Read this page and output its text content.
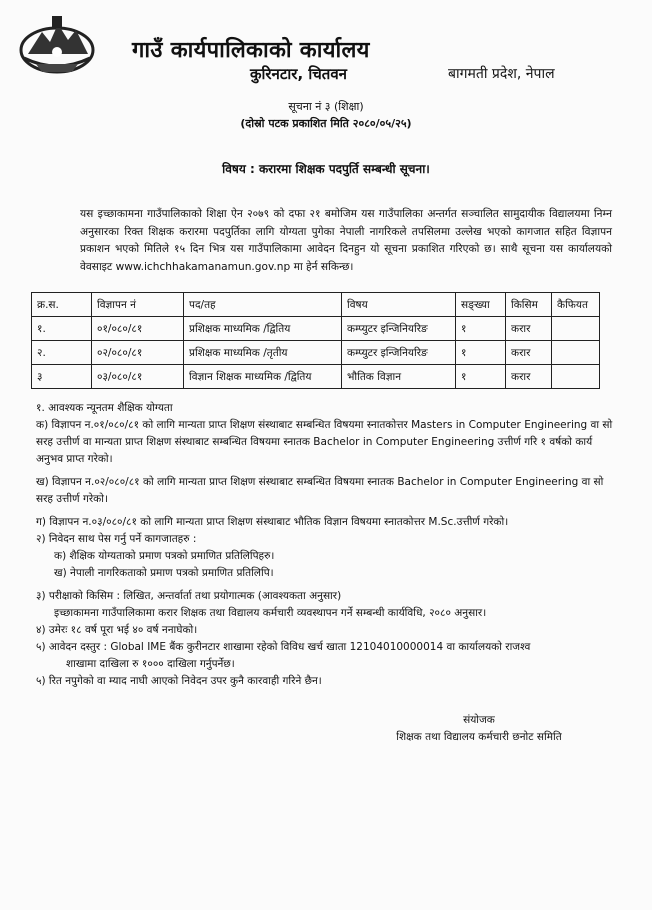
गाउँ कार्यपालिकाको कार्यालय
कुरिनटार, चितवन	बागमती प्रदेश, नेपाल
सूचना नं ३ (शिक्षा)
(दोस्रो पटक प्रकाशित मिति २०८०/०५/२५)
विषय : करारमा शिक्षक पदपुर्ति सम्बन्धी सूचना।
यस इच्छाकामना गाउँपालिकाको शिक्षा ऐन २०७९ को दफा २१ बमोजिम यस गाउँपालिका अन्तर्गत सञ्चालित सामुदायीक विद्यालयमा निम्न अनुसारका रिक्त शिक्षक करारमा पदपुर्तिका लागि योग्यता पुगेका नेपाली नागरिकले तपसिलमा उल्लेख भएको कागजात सहित विज्ञापन प्रकाशन भएको मितिले १५ दिन भित्र यस गाउँपालिकामा आवेदन दिनहुन यो सूचना प्रकाशित गरिएको छ। साथै सूचना यस कार्यालयको वेवसाइट www.ichchhakamanamun.gov.np मा हेर्न सकिन्छ।
क्र.स.	विज्ञापन नं	पद/तह	विषय	सङ्ख्या	किसिम	कैफियत
१.	०१/०८०/८१	प्रशिक्षक माध्यमिक /द्वितिय	कम्प्युटर इन्जिनियरिङ	१	करार	
२.	०२/०८०/८१	प्रशिक्षक माध्यमिक /तृतीय	कम्प्युटर इन्जिनियरिङ	१	करार	
३	०३/०८०/८१	विज्ञान शिक्षक माध्यमिक /द्वितिय	भौतिक विज्ञान	१	करार	

१. आवश्यक न्यूनतम शैक्षिक योग्यता

क) विज्ञापन न.०१/०८०/८१ को लागि मान्यता प्राप्त शिक्षण संस्थाबाट सम्बन्धित विषयमा स्नातकोत्तर Masters in Computer Engineering वा सो सरह उत्तीर्ण वा मान्यता प्राप्त शिक्षण संस्थाबाट सम्बन्धित विषयमा स्नातक Bachelor in Computer Engineering उत्तीर्ण गरि १ वर्षको कार्य अनुभव प्राप्त गरेको।

ख) विज्ञापन न.०२/०८०/८१ को लागि मान्यता प्राप्त शिक्षण संस्थाबाट सम्बन्धित विषयमा स्नातक Bachelor in Computer Engineering वा सो सरह उत्तीर्ण गरेको।

ग) विज्ञापन न.०३/०८०/८१ को लागि मान्यता प्राप्त शिक्षण संस्थाबाट भौतिक विज्ञान विषयमा स्नातकोत्तर M.Sc.उत्तीर्ण गरेको।

२) निवेदन साथ पेस गर्नु पर्ने कागजातहरु :

क) शैक्षिक योग्यताको प्रमाण पत्रको प्रमाणित प्रतिलिपिहरु।

ख) नेपाली नागरिकताको प्रमाण पत्रको प्रमाणित प्रतिलिपि।

३) परीक्षाको किसिम : लिखित, अन्तर्वार्ता तथा प्रयोगात्मक (आवश्यकता अनुसार)

इच्छाकामना गाउँपालिकामा करार शिक्षक तथा विद्यालय कर्मचारी व्यवस्थापन गर्ने सम्बन्धी कार्यविधि, २०८० अनुसार।

४) उमेरः १८ वर्ष पूरा भई ४० वर्ष ननाघेको।

५) आवेदन दस्तुर : Global IME बैंक कुरीनटार शाखामा रहेको विविध खर्च खाता 12104010000014 वा कार्यालयको राजश्व

शाखामा दाखिला रु १००० दाखिला गर्नुपर्नेछ।

५) रित नपुगेको वा म्याद नाघी आएको निवेदन उपर कुनै कारवाही गरिने छैन।

संयोजक
शिक्षक तथा विद्यालय कर्मचारी छनोट समिति
